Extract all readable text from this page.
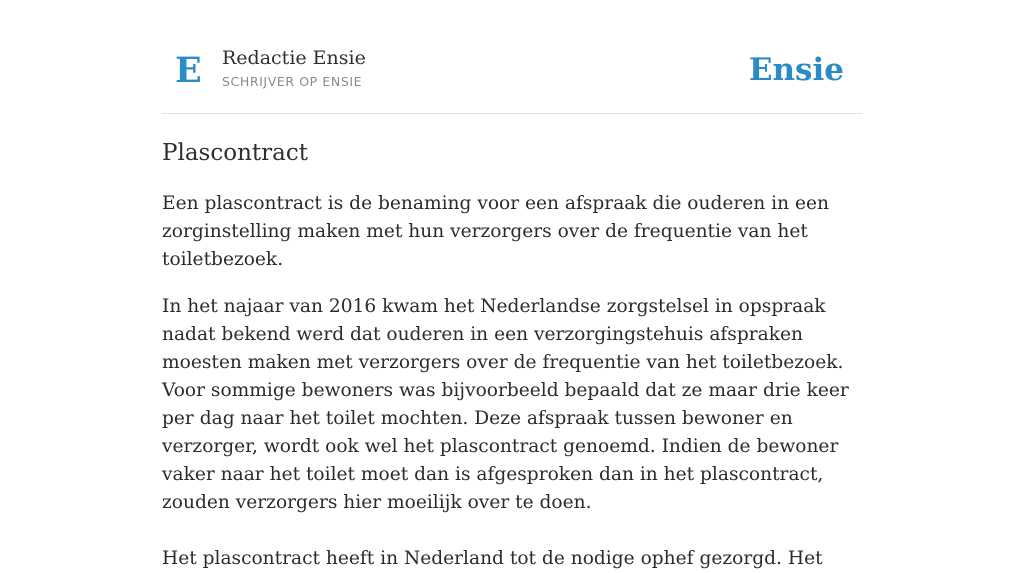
E Redactie Ensie
SCHRIJVER OP ENSIE	Ensie
Plascontract

Een plascontract is de benaming voor een afspraak die ouderen in een zorginstelling maken met hun verzorgers over de frequentie van het toiletbezoek.

In het najaar van 2016 kwam het Nederlandse zorgstelsel in opspraak nadat bekend werd dat ouderen in een verzorgingstehuis afspraken moesten maken met verzorgers over de frequentie van het toiletbezoek. Voor sommige bewoners was bijvoorbeeld bepaald dat ze maar drie keer per dag naar het toilet mochten. Deze afspraak tussen bewoner en verzorger, wordt ook wel het plascontract genoemd. Indien de bewoner vaker naar het toilet moet dan is afgesproken dan in het plascontract, zouden verzorgers hier moeilijk over te doen.

Het plascontract heeft in Nederland tot de nodige ophef gezorgd. Het
